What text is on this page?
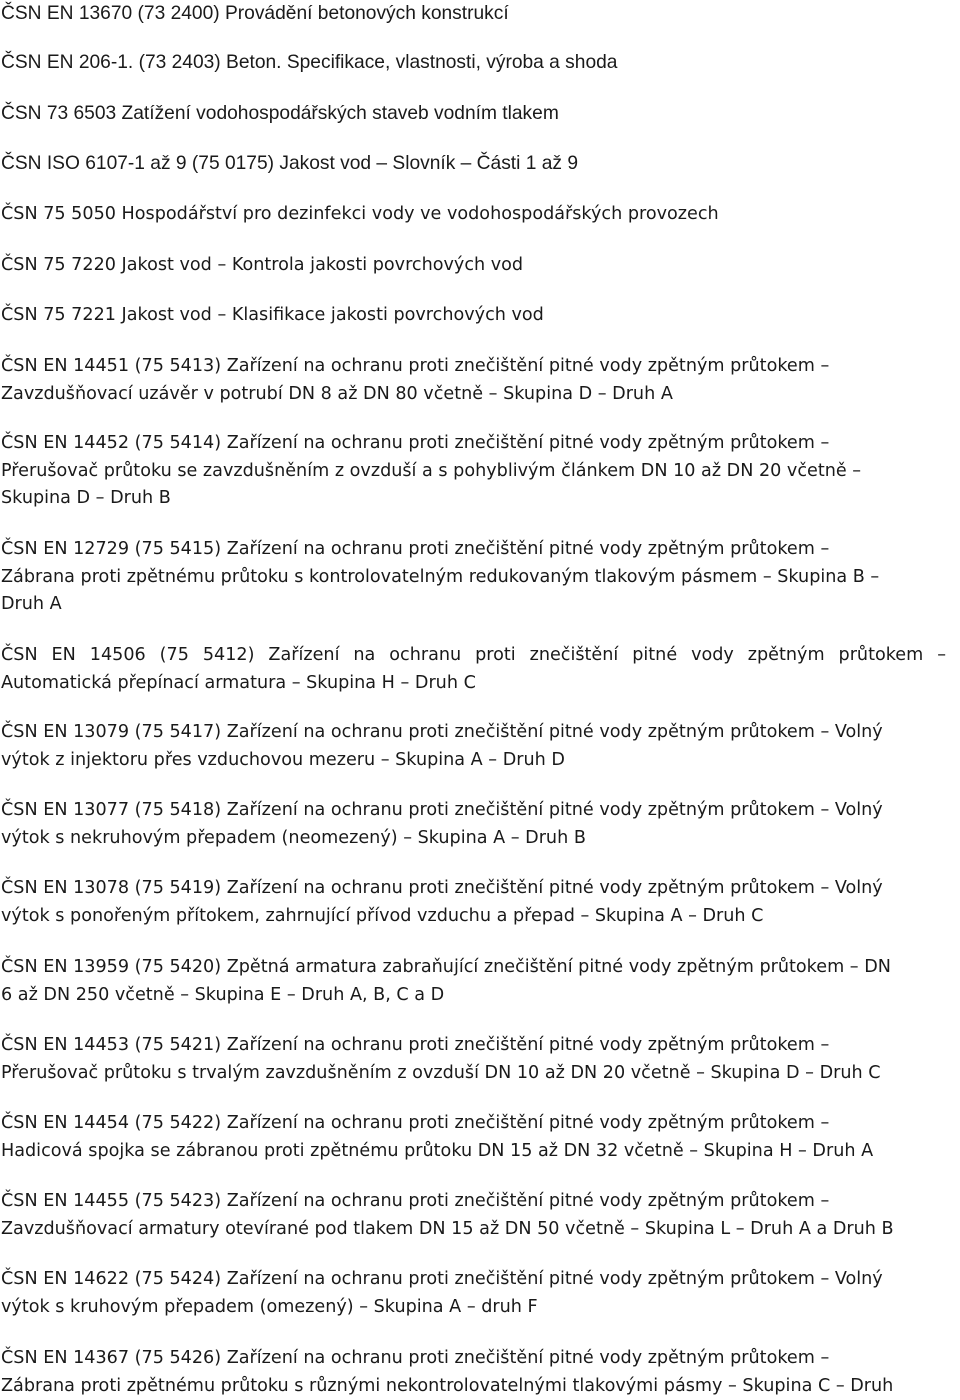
ČSN EN 13670 (73 2400) Provádění betonových konstrukcí
ČSN EN 206-1. (73 2403) Beton. Specifikace, vlastnosti, výroba a shoda
ČSN 73 6503 Zatížení vodohospodářských staveb vodním tlakem
ČSN ISO 6107-1 až 9 (75 0175) Jakost vod – Slovník – Části 1 až 9
ČSN 75 5050 Hospodářství pro dezinfekci vody ve vodohospodářských provozech
ČSN 75 7220 Jakost vod – Kontrola jakosti povrchových vod
ČSN 75 7221 Jakost vod – Klasifikace jakosti povrchových vod
ČSN EN 14451 (75 5413) Zařízení na ochranu proti znečištění pitné vody zpětným průtokem –
Zavzdušňovací uzávěr v potrubí DN 8 až DN 80 včetně – Skupina D – Druh A
ČSN EN 14452 (75 5414) Zařízení na ochranu proti znečištění pitné vody zpětným průtokem –
Přerušovač průtoku se zavzdušněním z ovzduší a s pohyblivým článkem DN 10 až DN 20 včetně –
Skupina D – Druh B
ČSN EN 12729 (75 5415) Zařízení na ochranu proti znečištění pitné vody zpětným průtokem –
Zábrana proti zpětnému průtoku s kontrolovatelným redukovaným tlakovým pásmem – Skupina B –
Druh A
ČSN EN 14506 (75 5412) Zařízení na ochranu proti znečištění pitné vody zpětným průtokem –
Automatická přepínací armatura – Skupina H – Druh C
ČSN EN 13079 (75 5417) Zařízení na ochranu proti znečištění pitné vody zpětným průtokem – Volný
výtok z injektoru přes vzduchovou mezeru – Skupina A – Druh D
ČSN EN 13077 (75 5418) Zařízení na ochranu proti znečištění pitné vody zpětným průtokem – Volný
výtok s nekruhovým přepadem (neomezený) – Skupina A – Druh B
ČSN EN 13078 (75 5419) Zařízení na ochranu proti znečištění pitné vody zpětným průtokem – Volný
výtok s ponořeným přítokem, zahrnující přívod vzduchu a přepad – Skupina A – Druh C
ČSN EN 13959 (75 5420) Zpětná armatura zabraňující znečištění pitné vody zpětným průtokem – DN
6 až DN 250 včetně – Skupina E – Druh A, B, C a D
ČSN EN 14453 (75 5421) Zařízení na ochranu proti znečištění pitné vody zpětným průtokem –
Přerušovač průtoku s trvalým zavzdušněním z ovzduší DN 10 až DN 20 včetně – Skupina D – Druh C
ČSN EN 14454 (75 5422) Zařízení na ochranu proti znečištění pitné vody zpětným průtokem –
Hadicová spojka se zábranou proti zpětnému průtoku DN 15 až DN 32 včetně – Skupina H – Druh A
ČSN EN 14455 (75 5423) Zařízení na ochranu proti znečištění pitné vody zpětným průtokem –
Zavzdušňovací armatury otevírané pod tlakem DN 15 až DN 50 včetně – Skupina L – Druh A a Druh B
ČSN EN 14622 (75 5424) Zařízení na ochranu proti znečištění pitné vody zpětným průtokem – Volný
výtok s kruhovým přepadem (omezený) – Skupina A – druh F
ČSN EN 14367 (75 5426) Zařízení na ochranu proti znečištění pitné vody zpětným průtokem –
Zábrana proti zpětnému průtoku s různými nekontrolovatelnými tlakovými pásmy – Skupina C – Druh
